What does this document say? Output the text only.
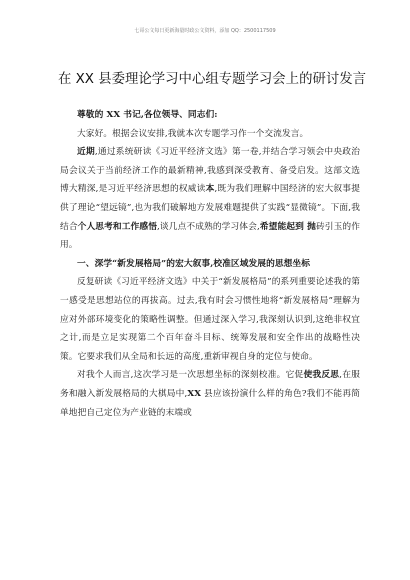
七哥公文每日更新海量时政公文资料，添加 QQ：2500117509
在 XX 县委理论学习中心组专题学习会上的研讨发言

尊敬的 XX 书记,各位领导、同志们:

大家好。根据会议安排,我就本次专题学习作一个交流发言。

近期,通过系统研读《习近平经济文选》第一卷,并结合学习领会中央政治局会议关于当前经济工作的最新精神,我感到深受教育、备受启发。这部文选博大精深,是习近平经济思想的权威读本,既为我们理解中国经济的宏大叙事提供了理论“望远镜”,也为我们破解地方发展难题提供了实践“显微镜”。下面,我结合个人思考和工作感悟,谈几点不成熟的学习体会,希望能起到 抛砖引玉的作用。

一、深学“新发展格局”的宏大叙事,校准区域发展的思想坐标

反复研读《习近平经济文选》中关于“新发展格局”的系列重要论述我的第一感受是思想站位的再拔高。过去,我有时会习惯性地将“新发展格局”理解为应对外部环境变化的策略性调整。但通过深入学习,我深刻认识到,这绝非权宜之计,而是立足实现第二个百年奋斗目标、统筹发展和安全作出的战略性决策。它要求我们从全局和长远的高度,重新审视自身的定位与使命。

对我个人而言,这次学习是一次思想坐标的深刻校准。它促使我反思,在服务和融入新发展格局的大棋局中,XX 县应该扮演什么样的角色?我们不能再简单地把自己定位为产业链的末端或
